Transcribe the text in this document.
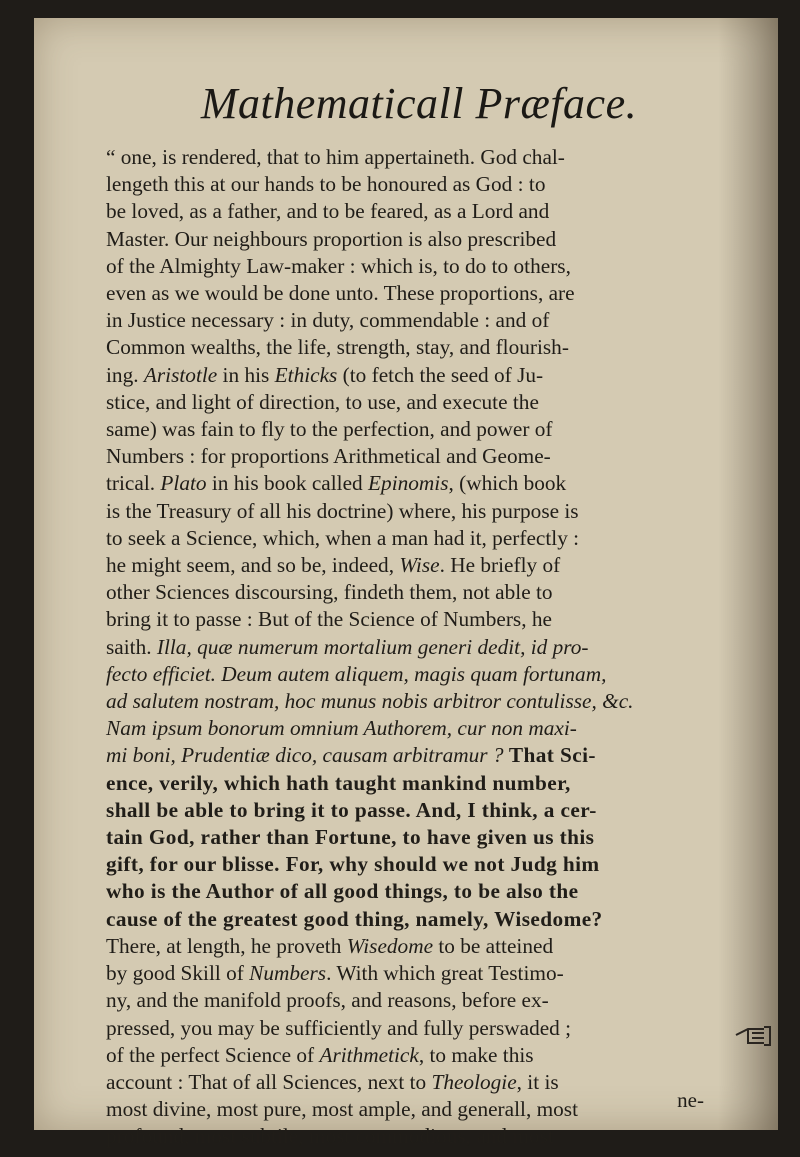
Mathematicall Præface.
“ one, is rendered, that to him appertaineth. God chal-
lengeth this at our hands to be honoured as God : to
be loved, as a father, and to be feared, as a Lord and
Master. Our neighbours proportion is also prescribed
of the Almighty Law-maker : which is, to do to others,
even as we would be done unto. These proportions, are
in Justice necessary : in duty, commendable : and of
Common wealths, the life, strength, stay, and flourish-
ing. Aristotle in his Ethicks (to fetch the seed of Ju-
stice, and light of direction, to use, and execute the
same) was fain to fly to the perfection, and power of
Numbers : for proportions Arithmetical and Geome-
trical. Plato in his book called Epinomis, (which book
is the Treasury of all his doctrine) where, his purpose is
to seek a Science, which, when a man had it, perfectly :
he might seem, and so be, indeed, Wise. He briefly of
other Sciences discoursing, findeth them, not able to
bring it to passe : But of the Science of Numbers, he
saith. Illa, quæ numerum mortalium generi dedit, id pro-
fecto efficiet. Deum autem aliquem, magis quam fortunam,
ad salutem nostram, hoc munus nobis arbitror contulisse, &c.
Nam ipsum bonorum omnium Authorem, cur non maxi-
mi boni, Prudentiæ dico, causam arbitramur ? That Sci-
ence, verily, which hath taught mankind number,
shall be able to bring it to passe. And, I think, a cer-
tain God, rather than Fortune, to have given us this
gift, for our blisse. For, why should we not Judg him
who is the Author of all good things, to be also the
cause of the greatest good thing, namely, Wisedome?
There, at length, he proveth Wisedome to be atteined
by good Skill of Numbers. With which great Testimo-
ny, and the manifold proofs, and reasons, before ex-
pressed, you may be sufficiently and fully perswaded ;
of the perfect Science of Arithmetick, to make this
account : That of all Sciences, next to Theologie, it is
most divine, most pure, most ample, and generall, most
profound, most subtile, most commodious, and most
ne-
